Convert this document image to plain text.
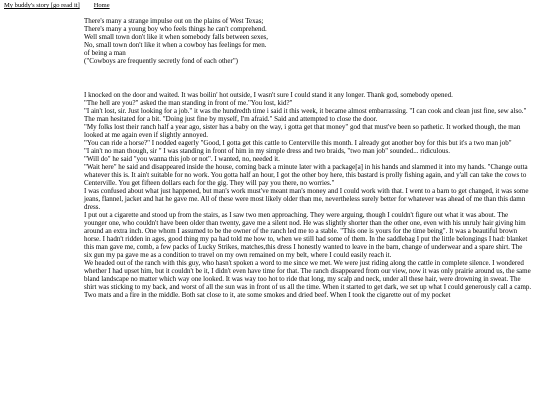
My buddy's story [go read it] Home
There's many a strange impulse out on the plains of West Texas;
There's many a young boy who feels things he can't comprehend.
Well small town don't like it when somebody falls between sexes,
No, small town don't like it when a cowboy has feelings for men.
of being a man
("Cowboys are frequently secretly fond of each other")

I knocked on the door and waited. It was boilin' hot outside, I wasn't sure I could stand it any longer. Thank god, somebody opened.

"The hell are you?" asked the man standing in front of me."You lost, kid?"

"I ain't lost, sir. Just looking for a job." it was the hundredth time i said it this week, it became almost embarrassing. "I can cook and clean just fine, sew also."

The man hesitated for a bit. "Doing just fine by myself, I'm afraid." Said and attempted to close the door.

"My folks lost their ranch half a year ago, sister has a baby on the way, i gotta get that money" god that must've been so pathetic. It worked though, the man looked at me again even if slightly annoyed.

"You can ride a horse?" I nodded eagerly "Good, I gotta get this cattle to Centerville this month. I already got another boy for this but it's a two man job"

"I ain't no man though, sir " I was standing in front of him in my simple dress and two braids, "two man job" sounded... ridiculous.

"Will do" he said "you wanna this job or not". I wanted, no, needed it.

"Wait here" he said and disappeared inside the house, coming back a minute later with a package[a] in his hands and slammed it into my hands. "Change outta whatever this is. It ain't suitable for no work. You gotta half an hour, I got the other boy here, this bastard is prolly fishing again, and y'all can take the cows to Centerville. You get fifteen dollars each for the gig. They will pay you there, no worries."

I was confused about what just happened, but man's work must've meant man's money and I could work with that. I went to a barn to get changed, it was some jeans, flannel, jacket and hat he gave me. All of these were most likely older than me, nevertheless surely better for whatever was ahead of me than this damn dress.

I put out a cigarette and stood up from the stairs, as I saw two men approaching. They were arguing, though I couldn't figure out what it was about. The younger one, who couldn't have been older than twenty, gave me a silent nod. He was slightly shorter than the other one, even with his unruly hair giving him around an extra inch. One whom I assumed to be the owner of the ranch led me to a stable. "This one is yours for the time being". It was a beautiful brown horse. I hadn't ridden in ages, good thing my pa had told me how to, when we still had some of them. In the saddlebag I put the little belongings I had: blanket this man gave me, comb, a few packs of Lucky Strikes, matches,this dress I honestly wanted to leave in the barn, change of underwear and a spare shirt. The six gun my pa gave me as a condition to travel on my own remained on my belt, where I could easily reach it.

We headed out of the ranch with this guy, who hasn't spoken a word to me since we met. We were just riding along the cattle in complete silence. I wondered whether I had upset him, but it couldn't be it, I didn't even have time for that. The ranch disappeared from our view, now it was only prairie around us, the same bland landscape no matter which way one looked. It was way too hot to ride that long, my scalp and neck, under all these hair, were drowning in sweat. The shirt was sticking to my back, and worst of all the sun was in front of us all the time. When it started to get dark, we set up what I could generously call a camp. Two mats and a fire in the middle. Both sat close to it, ate some smokes and dried beef. When I took the cigarette out of my pocket
